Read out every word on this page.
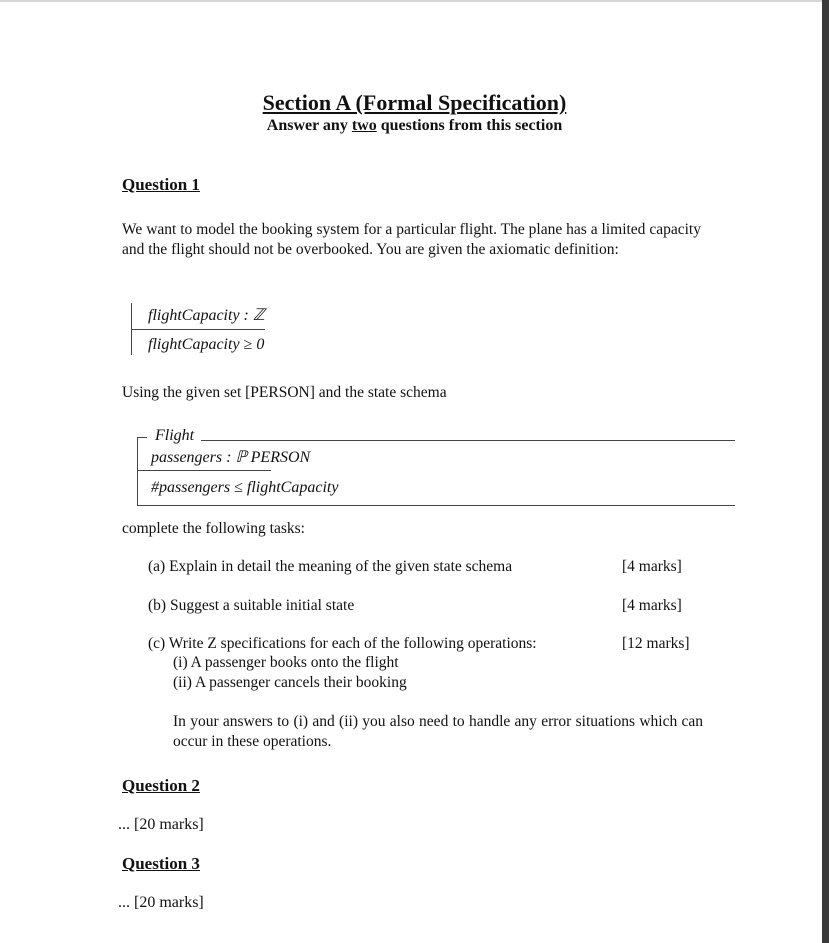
Section A (Formal Specification)
Answer any two questions from this section
Question 1
We want to model the booking system for a particular flight. The plane has a limited capacity and the flight should not be overbooked. You are given the axiomatic definition:
flightCapacity : ℤ
flightCapacity ≥ 0
Using the given set [PERSON] and the state schema
Flight
passengers : ℙ PERSON
#passengers ≤ flightCapacity
complete the following tasks:
(a) Explain in detail the meaning of the given state schema	[4 marks]
(b) Suggest a suitable initial state	[4 marks]
(c) Write Z specifications for each of the following operations:	[12 marks]
(i) A passenger books onto the flight
(ii) A passenger cancels their booking
In your answers to (i) and (ii) you also need to handle any error situations which can occur in these operations.
Question 2
... [20 marks]
Question 3
... [20 marks]
